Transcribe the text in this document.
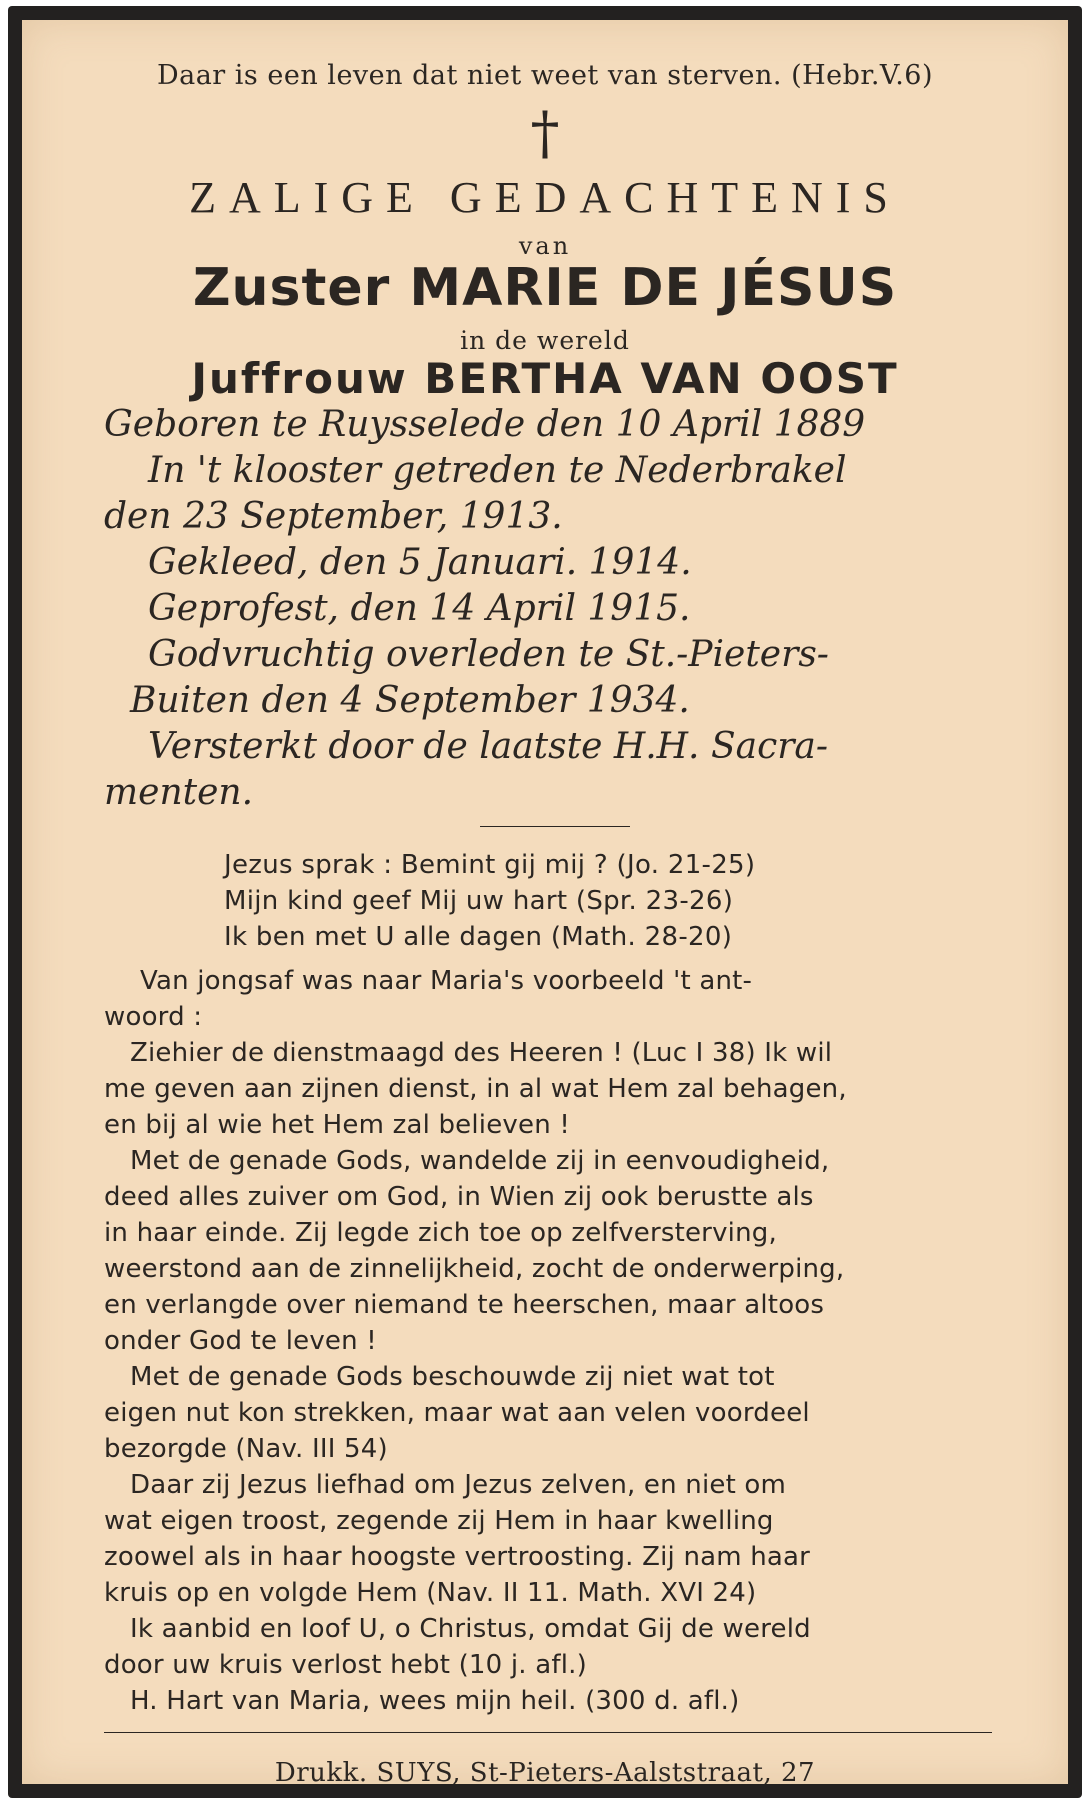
Daar is een leven dat niet weet van sterven. (Hebr.V.6)
†
ZALIGE GEDACHTENIS
van
Zuster MARIE DE JÉSUS
in de wereld
Juffrouw BERTHA VAN OOST
Geboren te Ruysselede den 10 April 1889
In 't klooster getreden te Nederbrakel
den 23 September, 1913.
Gekleed, den 5 Januari. 1914.
Geprofest, den 14 April 1915.
Godvruchtig overleden te St.-Pieters-
Buiten den 4 September 1934.
Versterkt door de laatste H.H. Sacra-
menten.
Jezus sprak : Bemint gij mij ? (Jo. 21-25)
Mijn kind geef Mij uw hart (Spr. 23-26)
Ik ben met U alle dagen (Math. 28-20)
Van jongsaf was naar Maria's voorbeeld 't ant-
woord :
Ziehier de dienstmaagd des Heeren ! (Luc I 38) Ik wil
me geven aan zijnen dienst, in al wat Hem zal behagen,
en bij al wie het Hem zal believen !
Met de genade Gods, wandelde zij in eenvoudigheid,
deed alles zuiver om God, in Wien zij ook berustte als
in haar einde. Zij legde zich toe op zelfversterving,
weerstond aan de zinnelijkheid, zocht de onderwerping,
en verlangde over niemand te heerschen, maar altoos
onder God te leven !
Met de genade Gods beschouwde zij niet wat tot
eigen nut kon strekken, maar wat aan velen voordeel
bezorgde (Nav. III 54)
Daar zij Jezus liefhad om Jezus zelven, en niet om
wat eigen troost, zegende zij Hem in haar kwelling
zoowel als in haar hoogste vertroosting. Zij nam haar
kruis op en volgde Hem (Nav. II 11. Math. XVI 24)
Ik aanbid en loof U, o Christus, omdat Gij de wereld
door uw kruis verlost hebt (10 j. afl.)
H. Hart van Maria, wees mijn heil. (300 d. afl.)
Drukk. SUYS, St-Pieters-Aalststraat, 27
